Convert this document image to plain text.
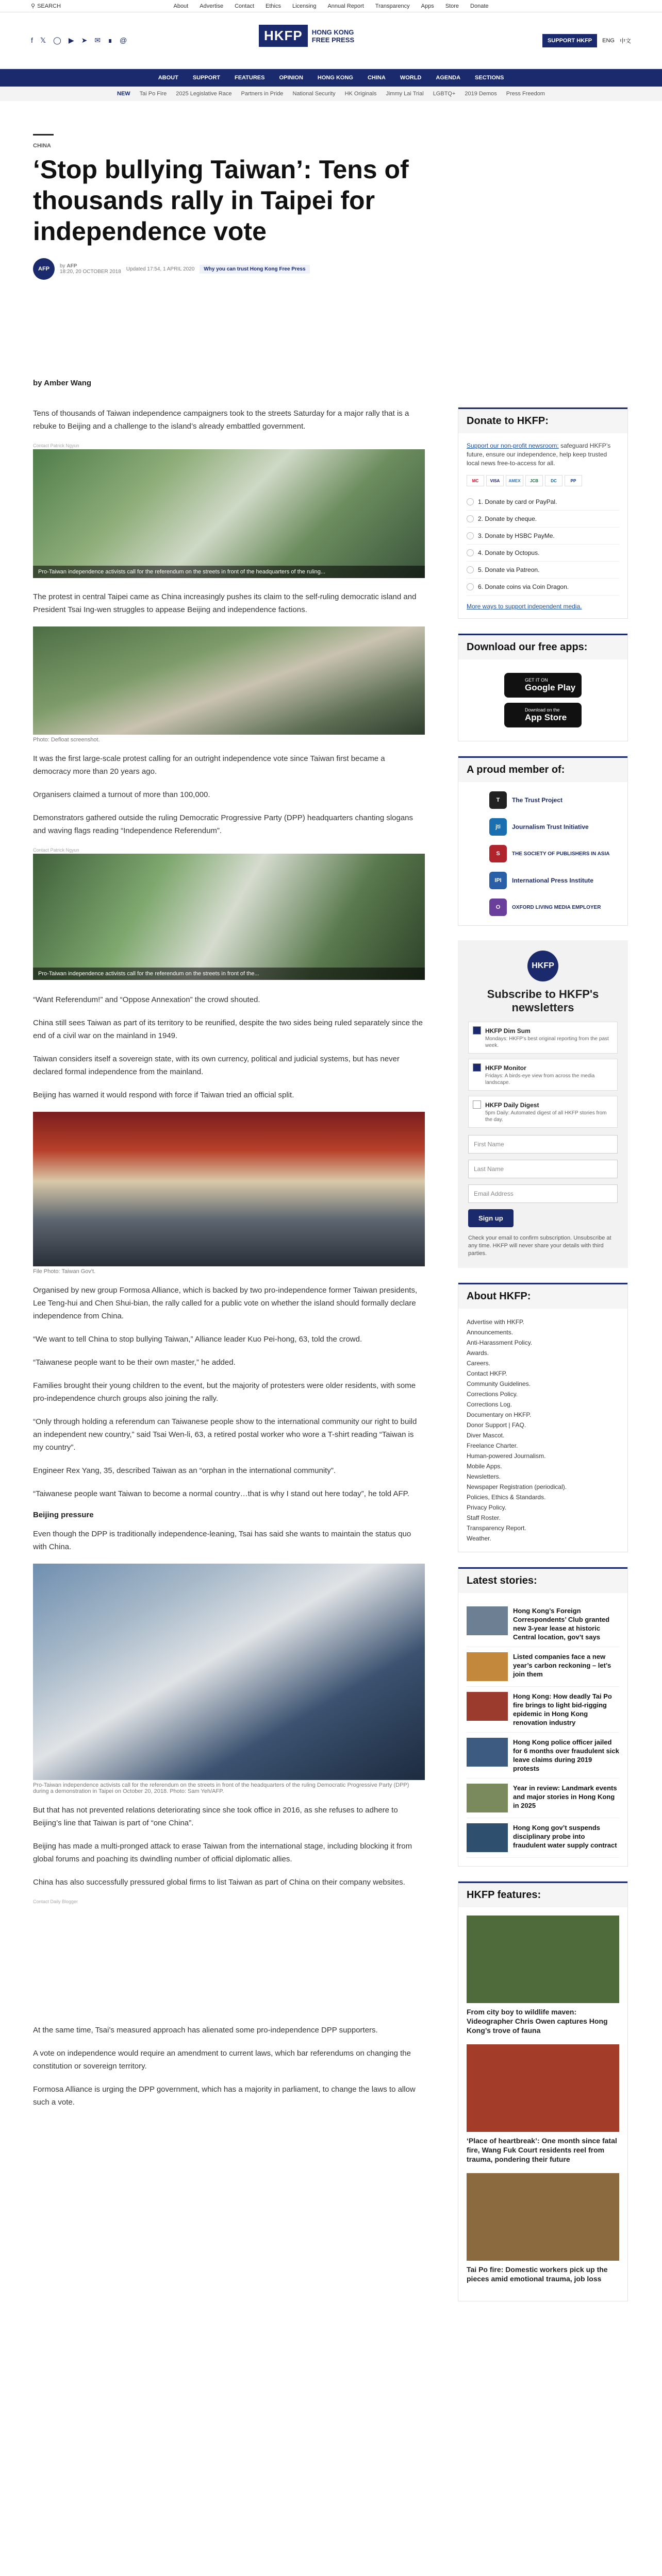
⚲ SEARCH	About Advertise Contact Ethics Licensing Annual Report Transparency Apps Store Donate
f 𝕏 ◯ ▶ ➤ ✉ ∎ @	HKFP	HONG KONG
FREE PRESS	SUPPORT HKFP	ENG 中文
ABOUT	SUPPORT	FEATURES	OPINION	HONG KONG	CHINA	WORLD	AGENDA	SECTIONS
NEW Tai Po Fire 2025 Legislative Race Partners in Pride National Security HK Originals Jimmy Lai Trial LGBTQ+ 2019 Demos Press Freedom
CHINA
‘Stop bullying Taiwan’: Tens of thousands rally in Taipei for independence vote
AFP	by AFP
18:20, 20 OCTOBER 2018 Updated 17:54, 1 APRIL 2020	Why you can trust Hong Kong Free Press
by Amber Wang

Tens of thousands of Taiwan independence campaigners took to the streets Saturday for a major rally that is a rebuke to Beijing and a challenge to the island’s already embattled government.

Contact Patrick Ngyun
Pro-Taiwan independence activists call for the referendum on the streets in front of the headquarters of the ruling...

The protest in central Taipei came as China increasingly pushes its claim to the self-ruling democratic island and President Tsai Ing-wen struggles to appease Beijing and independence factions.

Photo: Defloat screenshot.

It was the first large-scale protest calling for an outright independence vote since Taiwan first became a democracy more than 20 years ago.

Organisers claimed a turnout of more than 100,000.

Demonstrators gathered outside the ruling Democratic Progressive Party (DPP) headquarters chanting slogans and waving flags reading “Independence Referendum”.

Contact Patrick Ngyun
Pro-Taiwan independence activists call for the referendum on the streets in front of the...

“Want Referendum!” and “Oppose Annexation” the crowd shouted.

China still sees Taiwan as part of its territory to be reunified, despite the two sides being ruled separately since the end of a civil war on the mainland in 1949.

Taiwan considers itself a sovereign state, with its own currency, political and judicial systems, but has never declared formal independence from the mainland.

Beijing has warned it would respond with force if Taiwan tried an official split.

File Photo: Taiwan Gov't.

Organised by new group Formosa Alliance, which is backed by two pro-independence former Taiwan presidents, Lee Teng-hui and Chen Shui-bian, the rally called for a public vote on whether the island should formally declare independence from China.

“We want to tell China to stop bullying Taiwan,” Alliance leader Kuo Pei-hong, 63, told the crowd.

“Taiwanese people want to be their own master,” he added.

Families brought their young children to the event, but the majority of protesters were older residents, with some pro-independence church groups also joining the rally.

“Only through holding a referendum can Taiwanese people show to the international community our right to build an independent new country,” said Tsai Wen-li, 63, a retired postal worker who wore a T-shirt reading “Taiwan is my country”.

Engineer Rex Yang, 35, described Taiwan as an “orphan in the international community”.

“Taiwanese people want Taiwan to become a normal country…that is why I stand out here today”, he told AFP.

Beijing pressure

Even though the DPP is traditionally independence-leaning, Tsai has said she wants to maintain the status quo with China.

Pro-Taiwan independence activists call for the referendum on the streets in front of the headquarters of the ruling Democratic Progressive Party (DPP) during a demonstration in Taipei on October 20, 2018. Photo: Sam Yeh/AFP.

But that has not prevented relations deteriorating since she took office in 2016, as she refuses to adhere to Beijing’s line that Taiwan is part of “one China”.

Beijing has made a multi-pronged attack to erase Taiwan from the international stage, including blocking it from global forums and poaching its dwindling number of official diplomatic allies.

China has also successfully pressured global firms to list Taiwan as part of China on their company websites.

Contact Daily Blogger

At the same time, Tsai’s measured approach has alienated some pro-independence DPP supporters.

A vote on independence would require an amendment to current laws, which bar referendums on changing the constitution or sovereign territory.

Formosa Alliance is urging the DPP government, which has a majority in parliament, to change the laws to allow such a vote.

Donate to HKFP:
Support our non-profit newsroom: safeguard HKFP’s future, ensure our independence, help keep trusted local news free-to-access for all.
MC	VISA	AMEX	JCB	DC	PP
1. Donate by card or PayPal.
2. Donate by cheque.
3. Donate by HSBC PayMe.
4. Donate by Octopus.
5. Donate via Patreon.
6. Donate coins via Coin Dragon.
More ways to support independent media.
Download our free apps:
GET IT ON
Google Play
Download on the
App Store
A proud member of:
T	The Trust Project
jti	Journalism Trust Initiative
S	THE SOCIETY OF PUBLISHERS IN ASIA
IPI	International Press Institute
O	OXFORD LIVING MEDIA EMPLOYER
HKFP
Subscribe to HKFP's newsletters
HKFP Dim Sum
Mondays: HKFP's best original reporting from the past week.
HKFP Monitor
Fridays: A birds-eye view from across the media landscape.
HKFP Daily Digest
5pm Daily: Automated digest of all HKFP stories from the day.
First Name
Last Name
Email Address
Sign up
Check your email to confirm subscription. Unsubscribe at any time. HKFP will never share your details with third parties.
About HKFP:
Advertise with HKFP.
Announcements.
Anti-Harassment Policy.
Awards.
Careers.
Contact HKFP.
Community Guidelines.
Corrections Policy.
Corrections Log.
Documentary on HKFP.
Donor Support | FAQ.
Diver Mascot.
Freelance Charter.
Human-powered Journalism.
Mobile Apps.
Newsletters.
Newspaper Registration (periodical).
Policies, Ethics & Standards.
Privacy Policy.
Staff Roster.
Transparency Report.
Weather.
Latest stories:
Hong Kong’s Foreign Correspondents’ Club granted new 3-year lease at historic Central location, gov’t says
Listed companies face a new year’s carbon reckoning – let’s join them
Hong Kong: How deadly Tai Po fire brings to light bid-rigging epidemic in Hong Kong renovation industry
Hong Kong police officer jailed for 6 months over fraudulent sick leave claims during 2019 protests
Year in review: Landmark events and major stories in Hong Kong in 2025
Hong Kong gov’t suspends disciplinary probe into fraudulent water supply contract
HKFP features:
From city boy to wildlife maven: Videographer Chris Owen captures Hong Kong’s trove of fauna
‘Place of heartbreak’: One month since fatal fire, Wang Fuk Court residents reel from trauma, pondering their future
Tai Po fire: Domestic workers pick up the pieces amid emotional trauma, job loss
